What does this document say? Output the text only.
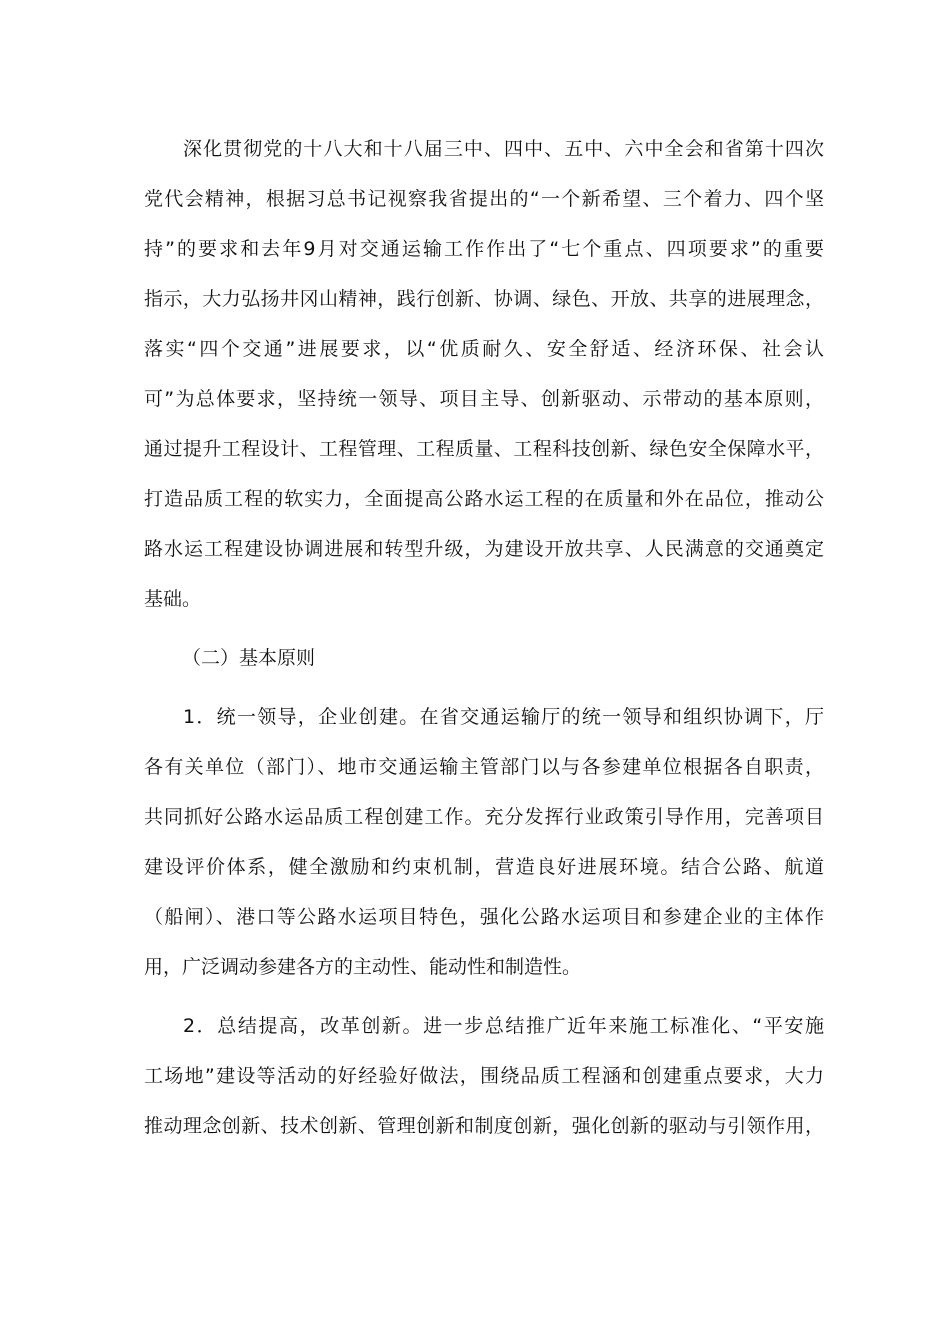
深化贯彻党的十八大和十八届三中、四中、五中、六中全会和省第十四次
党代会精神，根据习总书记视察我省提出的“一个新希望、三个着力、四个坚
持”的要求和去年9月对交通运输工作作出了“七个重点、四项要求”的重要
指示，大力弘扬井冈山精神，践行创新、协调、绿色、开放、共享的进展理念，
落实“四个交通”进展要求，以“优质耐久、安全舒适、经济环保、社会认
可”为总体要求，坚持统一领导、项目主导、创新驱动、示带动的基本原则，
通过提升工程设计、工程管理、工程质量、工程科技创新、绿色安全保障水平，
打造品质工程的软实力，全面提高公路水运工程的在质量和外在品位，推动公
路水运工程建设协调进展和转型升级，为建设开放共享、人民满意的交通奠定
基础。
（二）基本原则
1．统一领导，企业创建。在省交通运输厅的统一领导和组织协调下，厅
各有关单位（部门）、地市交通运输主管部门以与各参建单位根据各自职责，
共同抓好公路水运品质工程创建工作。充分发挥行业政策引导作用，完善项目
建设评价体系，健全激励和约束机制，营造良好进展环境。结合公路、航道
（船闸）、港口等公路水运项目特色，强化公路水运项目和参建企业的主体作
用，广泛调动参建各方的主动性、能动性和制造性。
2．总结提高，改革创新。进一步总结推广近年来施工标准化、“平安施
工场地”建设等活动的好经验好做法，围绕品质工程涵和创建重点要求，大力
推动理念创新、技术创新、管理创新和制度创新，强化创新的驱动与引领作用，
